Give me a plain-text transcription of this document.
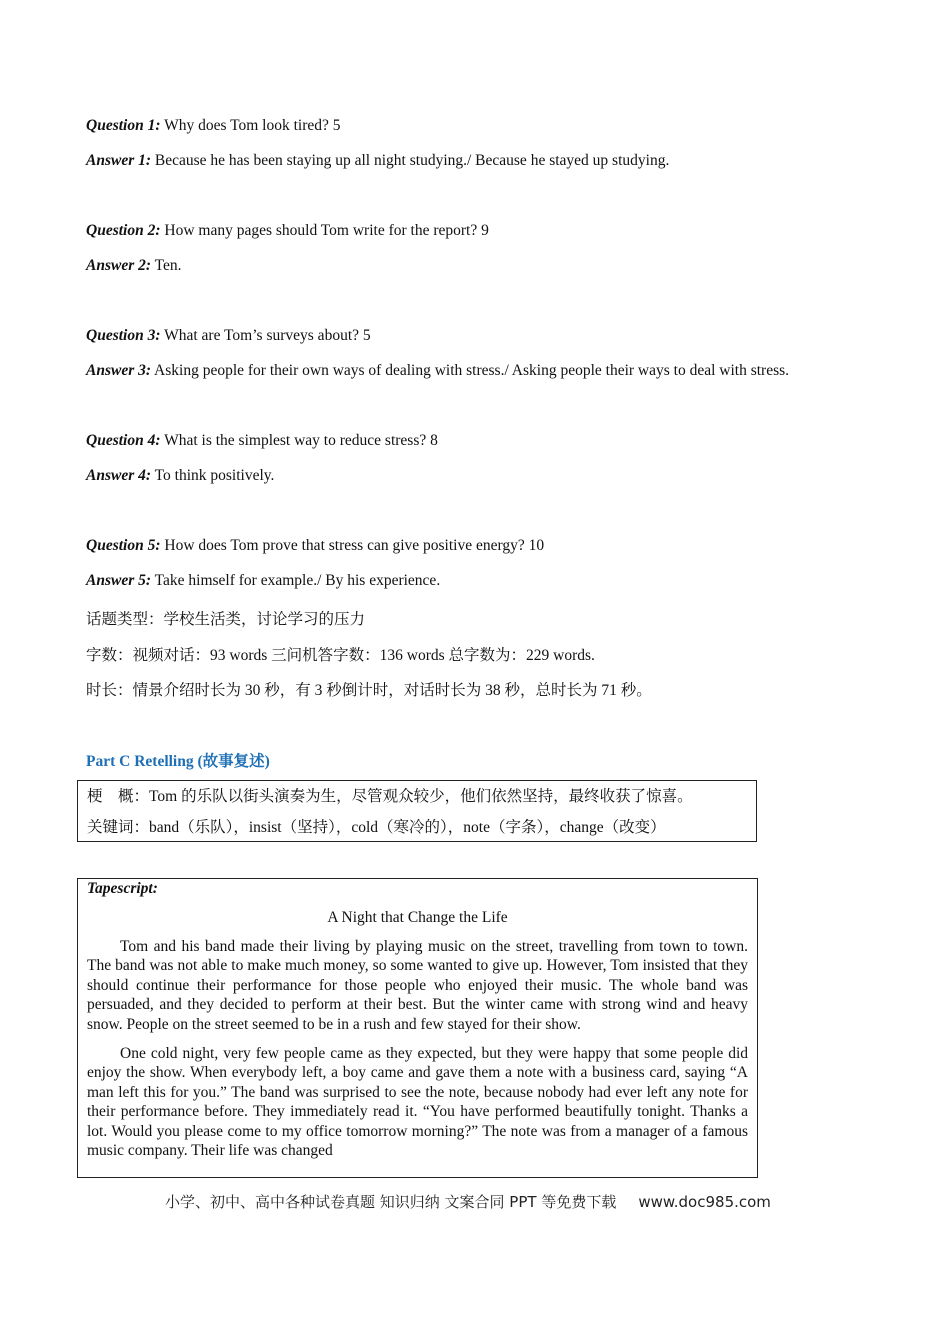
Question 1: Why does Tom look tired? 5
Answer 1: Because he has been staying up all night studying./ Because he stayed up studying.
Question 2: How many pages should Tom write for the report? 9
Answer 2: Ten.
Question 3: What are Tom’s surveys about? 5
Answer 3: Asking people for their own ways of dealing with stress./ Asking people their ways to deal with stress.
Question 4: What is the simplest way to reduce stress? 8
Answer 4: To think positively.
Question 5: How does Tom prove that stress can give positive energy? 10
Answer 5: Take himself for example./ By his experience.
话题类型：学校生活类，讨论学习的压力
字数：视频对话：93 words 三问机答字数：136 words 总字数为：229 words.
时长：情景介绍时长为 30 秒，有 3 秒倒计时，对话时长为 38 秒，总时长为 71 秒。
Part C Retelling (故事复述)
梗　概：Tom 的乐队以街头演奏为生，尽管观众较少，他们依然坚持，最终收获了惊喜。
关键词：band（乐队），insist（坚持），cold（寒冷的），note（字条），change（改变）
Tapescript:
A Night that Change the Life

Tom and his band made their living by playing music on the street, travelling from town to town. The band was not able to make much money, so some wanted to give up. However, Tom insisted that they should continue their performance for those people who enjoyed their music. The whole band was persuaded, and they decided to perform at their best. But the winter came with strong wind and heavy snow. People on the street seemed to be in a rush and few stayed for their show.

One cold night, very few people came as they expected, but they were happy that some people did enjoy the show. When everybody left, a boy came and gave them a note with a business card, saying “A man left this for you.” The band was surprised to see the note, because nobody had ever left any note for their performance before. They immediately read it. “You have performed beautifully tonight. Thanks a lot. Would you please come to my office tomorrow morning?” The note was from a manager of a famous music company. Their life was changed

小学、初中、高中各种试卷真题 知识归纳 文案合同 PPT 等免费下载 www.doc985.com
